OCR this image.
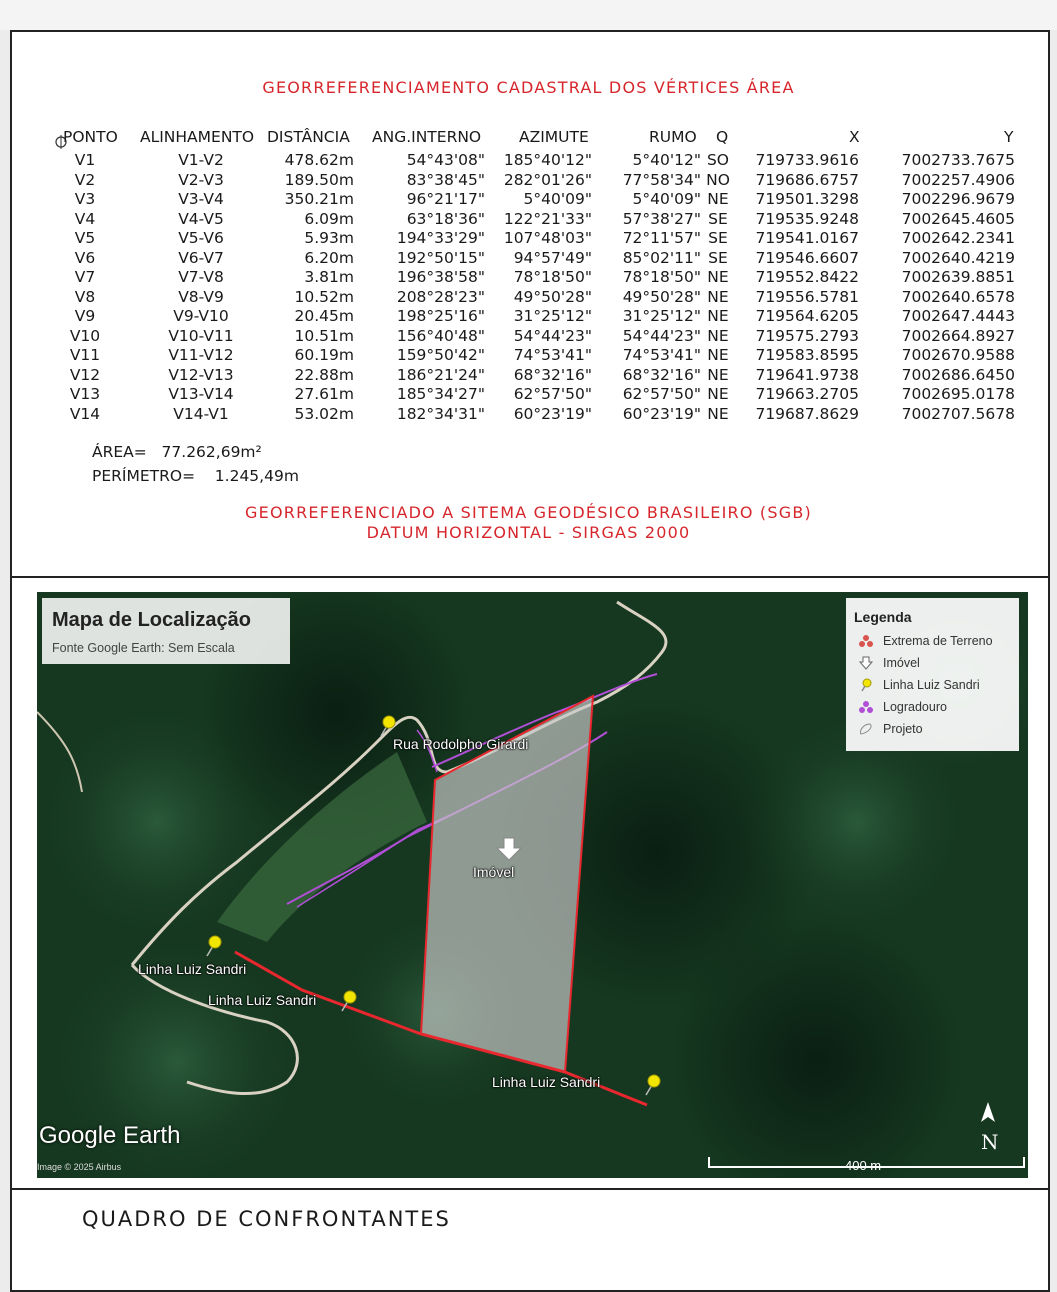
GEORREFERENCIAMENTO CADASTRAL DOS VÉRTICES ÁREA
PONTO ALINHAMENTO DISTÂNCIA ANG.INTERNO AZIMUTE	RUMO Q	X	Y
V1	V1-V2	478.62m	54°43'08"	185°40'12"	5°40'12" SO	719733.9616	7002733.7675
V2	V2-V3	189.50m	83°38'45"	282°01'26"	77°58'34" NO	719686.6757	7002257.4906
V3	V3-V4	350.21m	96°21'17"	5°40'09"	5°40'09" NE	719501.3298	7002296.9679
V4	V4-V5	6.09m	63°18'36"	122°21'33"	57°38'27" SE	719535.9248	7002645.4605
V5	V5-V6	5.93m	194°33'29"	107°48'03"	72°11'57" SE	719541.0167	7002642.2341
V6	V6-V7	6.20m	192°50'15"	94°57'49"	85°02'11" SE	719546.6607	7002640.4219
V7	V7-V8	3.81m	196°38'58"	78°18'50"	78°18'50" NE	719552.8422	7002639.8851
V8	V8-V9	10.52m	208°28'23"	49°50'28"	49°50'28" NE	719556.5781	7002640.6578
V9	V9-V10	20.45m	198°25'16"	31°25'12"	31°25'12" NE	719564.6205	7002647.4443
V10	V10-V11	10.51m	156°40'48"	54°44'23"	54°44'23" NE	719575.2793	7002664.8927
V11	V11-V12	60.19m	159°50'42"	74°53'41"	74°53'41" NE	719583.8595	7002670.9588
V12	V12-V13	22.88m	186°21'24"	68°32'16"	68°32'16" NE	719641.9738	7002686.6450
V13	V13-V14	27.61m	185°34'27"	62°57'50"	62°57'50" NE	719663.2705	7002695.0178
V14	V14-V1	53.02m	182°34'31"	60°23'19"	60°23'19" NE	719687.8629	7002707.5678
ÁREA= 77.262,69m²
PERÍMETRO= 1.245,49m
GEORREFERENCIADO A SITEMA GEODÉSICO BRASILEIRO (SGB)
DATUM HORIZONTAL - SIRGAS 2000
Mapa de Localização
Fonte Google Earth: Sem Escala
Legenda
Extrema de Terreno
Imóvel
Linha Luiz Sandri
Logradouro
Projeto
Rua Rodolpho Girardi
Imóvel
Linha Luiz Sandri
Linha Luiz Sandri
Linha Luiz Sandri
Google Earth
Image © 2025 Airbus	400 m
N
QUADRO DE CONFRONTANTES
